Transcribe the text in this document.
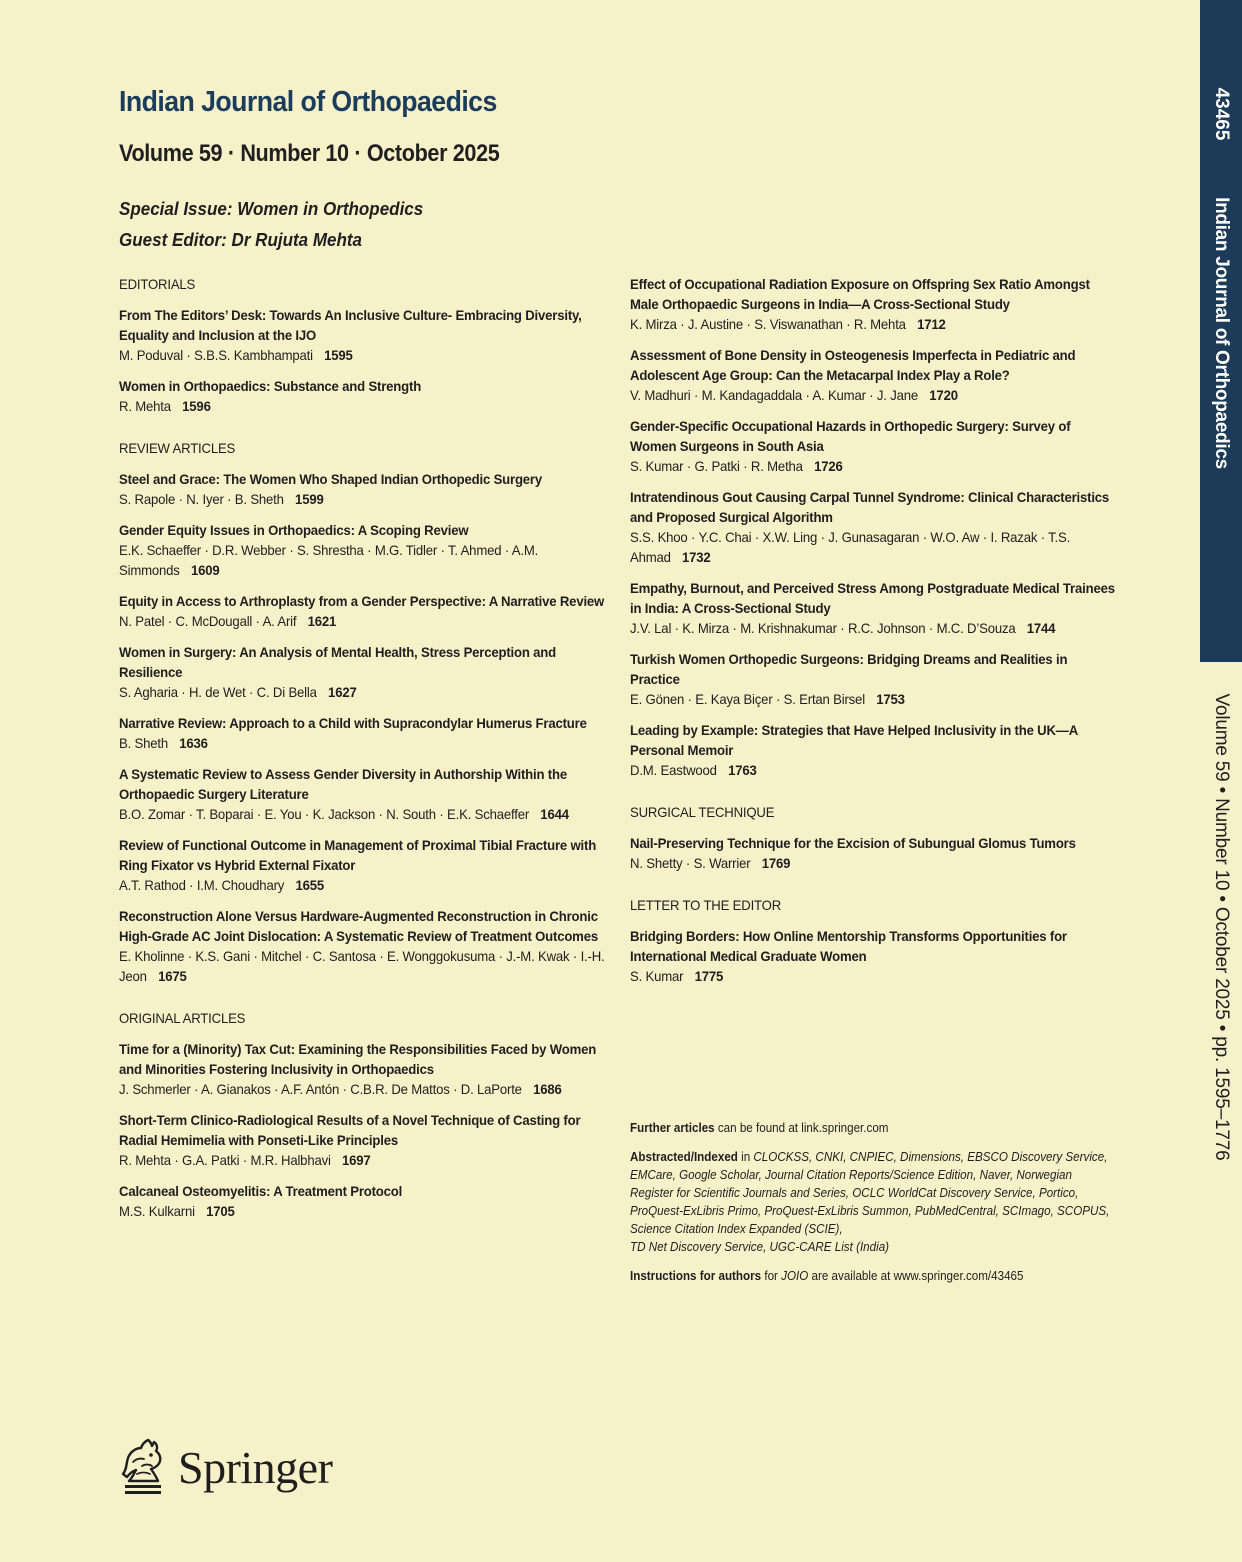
Indian Journal of Orthopaedics
Volume 59 · Number 10 · October 2025
Special Issue: Women in Orthopedics
Guest Editor: Dr Rujuta Mehta
EDITORIALS
From The Editors’ Desk: Towards An Inclusive Culture- Embracing Diversity, Equality and Inclusion at the IJO
M. Poduval · S.B.S. Kambhampati 1595
Women in Orthopaedics: Substance and Strength
R. Mehta 1596
REVIEW ARTICLES
Steel and Grace: The Women Who Shaped Indian Orthopedic Surgery
S. Rapole · N. Iyer · B. Sheth 1599
Gender Equity Issues in Orthopaedics: A Scoping Review
E.K. Schaeffer · D.R. Webber · S. Shrestha · M.G. Tidler · T. Ahmed · A.M. Simmonds 1609
Equity in Access to Arthroplasty from a Gender Perspective: A Narrative Review
N. Patel · C. McDougall · A. Arif 1621
Women in Surgery: An Analysis of Mental Health, Stress Perception and Resilience
S. Agharia · H. de Wet · C. Di Bella 1627
Narrative Review: Approach to a Child with Supracondylar Humerus Fracture
B. Sheth 1636
A Systematic Review to Assess Gender Diversity in Authorship Within the Orthopaedic Surgery Literature
B.O. Zomar · T. Boparai · E. You · K. Jackson · N. South · E.K. Schaeffer 1644
Review of Functional Outcome in Management of Proximal Tibial Fracture with Ring Fixator vs Hybrid External Fixator
A.T. Rathod · I.M. Choudhary 1655
Reconstruction Alone Versus Hardware-Augmented Reconstruction in Chronic High-Grade AC Joint Dislocation: A Systematic Review of Treatment Outcomes
E. Kholinne · K.S. Gani · Mitchel · C. Santosa · E. Wonggokusuma · J.-M. Kwak · I.-H. Jeon 1675
ORIGINAL ARTICLES
Time for a (Minority) Tax Cut: Examining the Responsibilities Faced by Women and Minorities Fostering Inclusivity in Orthopaedics
J. Schmerler · A. Gianakos · A.F. Antón · C.B.R. De Mattos · D. LaPorte 1686
Short-Term Clinico-Radiological Results of a Novel Technique of Casting for Radial Hemimelia with Ponseti-Like Principles
R. Mehta · G.A. Patki · M.R. Halbhavi 1697
Calcaneal Osteomyelitis: A Treatment Protocol
M.S. Kulkarni 1705
Effect of Occupational Radiation Exposure on Offspring Sex Ratio Amongst Male Orthopaedic Surgeons in India—A Cross-Sectional Study
K. Mirza · J. Austine · S. Viswanathan · R. Mehta 1712
Assessment of Bone Density in Osteogenesis Imperfecta in Pediatric and Adolescent Age Group: Can the Metacarpal Index Play a Role?
V. Madhuri · M. Kandagaddala · A. Kumar · J. Jane 1720
Gender-Specific Occupational Hazards in Orthopedic Surgery: Survey of Women Surgeons in South Asia
S. Kumar · G. Patki · R. Metha 1726
Intratendinous Gout Causing Carpal Tunnel Syndrome: Clinical Characteristics and Proposed Surgical Algorithm
S.S. Khoo · Y.C. Chai · X.W. Ling · J. Gunasagaran · W.O. Aw · I. Razak · T.S. Ahmad 1732
Empathy, Burnout, and Perceived Stress Among Postgraduate Medical Trainees in India: A Cross-Sectional Study
J.V. Lal · K. Mirza · M. Krishnakumar · R.C. Johnson · M.C. D’Souza 1744
Turkish Women Orthopedic Surgeons: Bridging Dreams and Realities in Practice
E. Gönen · E. Kaya Biçer · S. Ertan Birsel 1753
Leading by Example: Strategies that Have Helped Inclusivity in the UK—A Personal Memoir
D.M. Eastwood 1763
SURGICAL TECHNIQUE
Nail-Preserving Technique for the Excision of Subungual Glomus Tumors
N. Shetty · S. Warrier 1769
LETTER TO THE EDITOR
Bridging Borders: How Online Mentorship Transforms Opportunities for International Medical Graduate Women
S. Kumar 1775

Further articles can be found at link.springer.com

Abstracted/Indexed in CLOCKSS, CNKI, CNPIEC, Dimensions, EBSCO Discovery Service, EMCare, Google Scholar, Journal Citation Reports/Science Edition, Naver, Norwegian Register for Scientific Journals and Series, OCLC WorldCat Discovery Service, Portico, ProQuest-ExLibris Primo, ProQuest-ExLibris Summon, PubMedCentral, SCImago, SCOPUS, Science Citation Index Expanded (SCIE),
TD Net Discovery Service, UGC-CARE List (India)

Instructions for authors for JOIO are available at www.springer.com/43465

Springer
43465
Indian Journal of Orthopaedics
Volume 59 • Number 10 • October 2025 • pp. 1595–1776
